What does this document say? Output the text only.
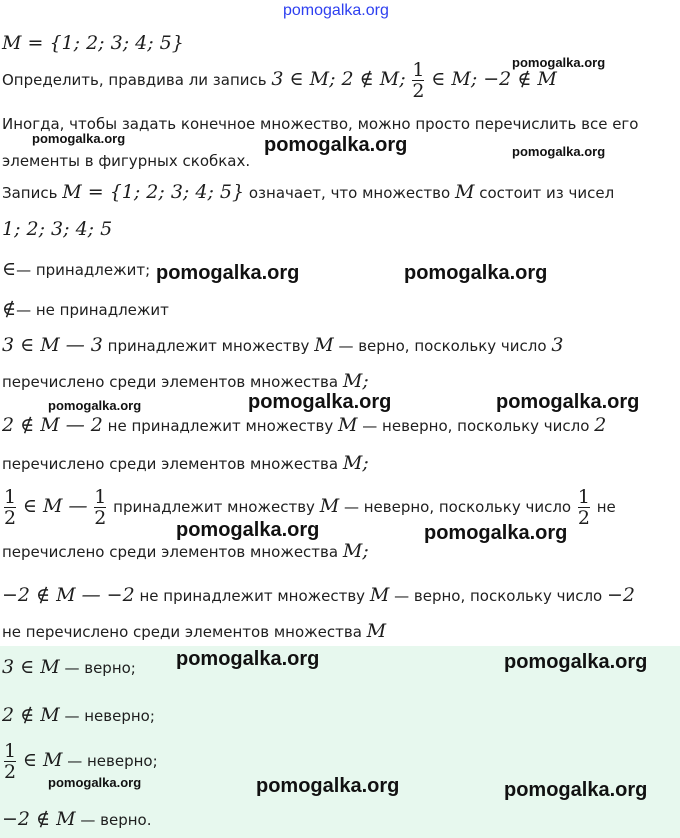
M = {1; 2; 3; 4; 5}
Определить, правдива ли запись 3 ∈ M; 2 ∉ M; $\frac{1}{2}$ ∈ M; −2 ∉ M
Иногда, чтобы задать конечное множество, можно просто перечислить все его
элементы в фигурных скобках.
Запись M = {1; 2; 3; 4; 5} означает, что множество M состоит из чисел
1; 2; 3; 4; 5
∈— принадлежит;
∉— не принадлежит
3 ∈ M — 3 принадлежит множеству M — верно, поскольку число 3
перечислено среди элементов множества M;
2 ∉ M — 2 не принадлежит множеству M — неверно, поскольку число 2
перечислено среди элементов множества M;
$\frac{1}{2}$ ∈ M — $\frac{1}{2}$ принадлежит множеству M — неверно, поскольку число $\frac{1}{2}$ не
перечислено среди элементов множества M;
−2 ∉ M — −2 не принадлежит множеству M — верно, поскольку число −2
не перечислено среди элементов множества M
3 ∈ M — верно;
2 ∉ M — неверно;
$\frac{1}{2}$ ∈ M — неверно;
−2 ∉ M — верно.
pomogalka.org
pomogalka.org
pomogalka.org	pomogalka.org	pomogalka.org
pomogalka.org	pomogalka.org
pomogalka.org	pomogalka.org	pomogalka.org
pomogalka.org	pomogalka.org
pomogalka.org	pomogalka.org
pomogalka.org	pomogalka.org	pomogalka.org
